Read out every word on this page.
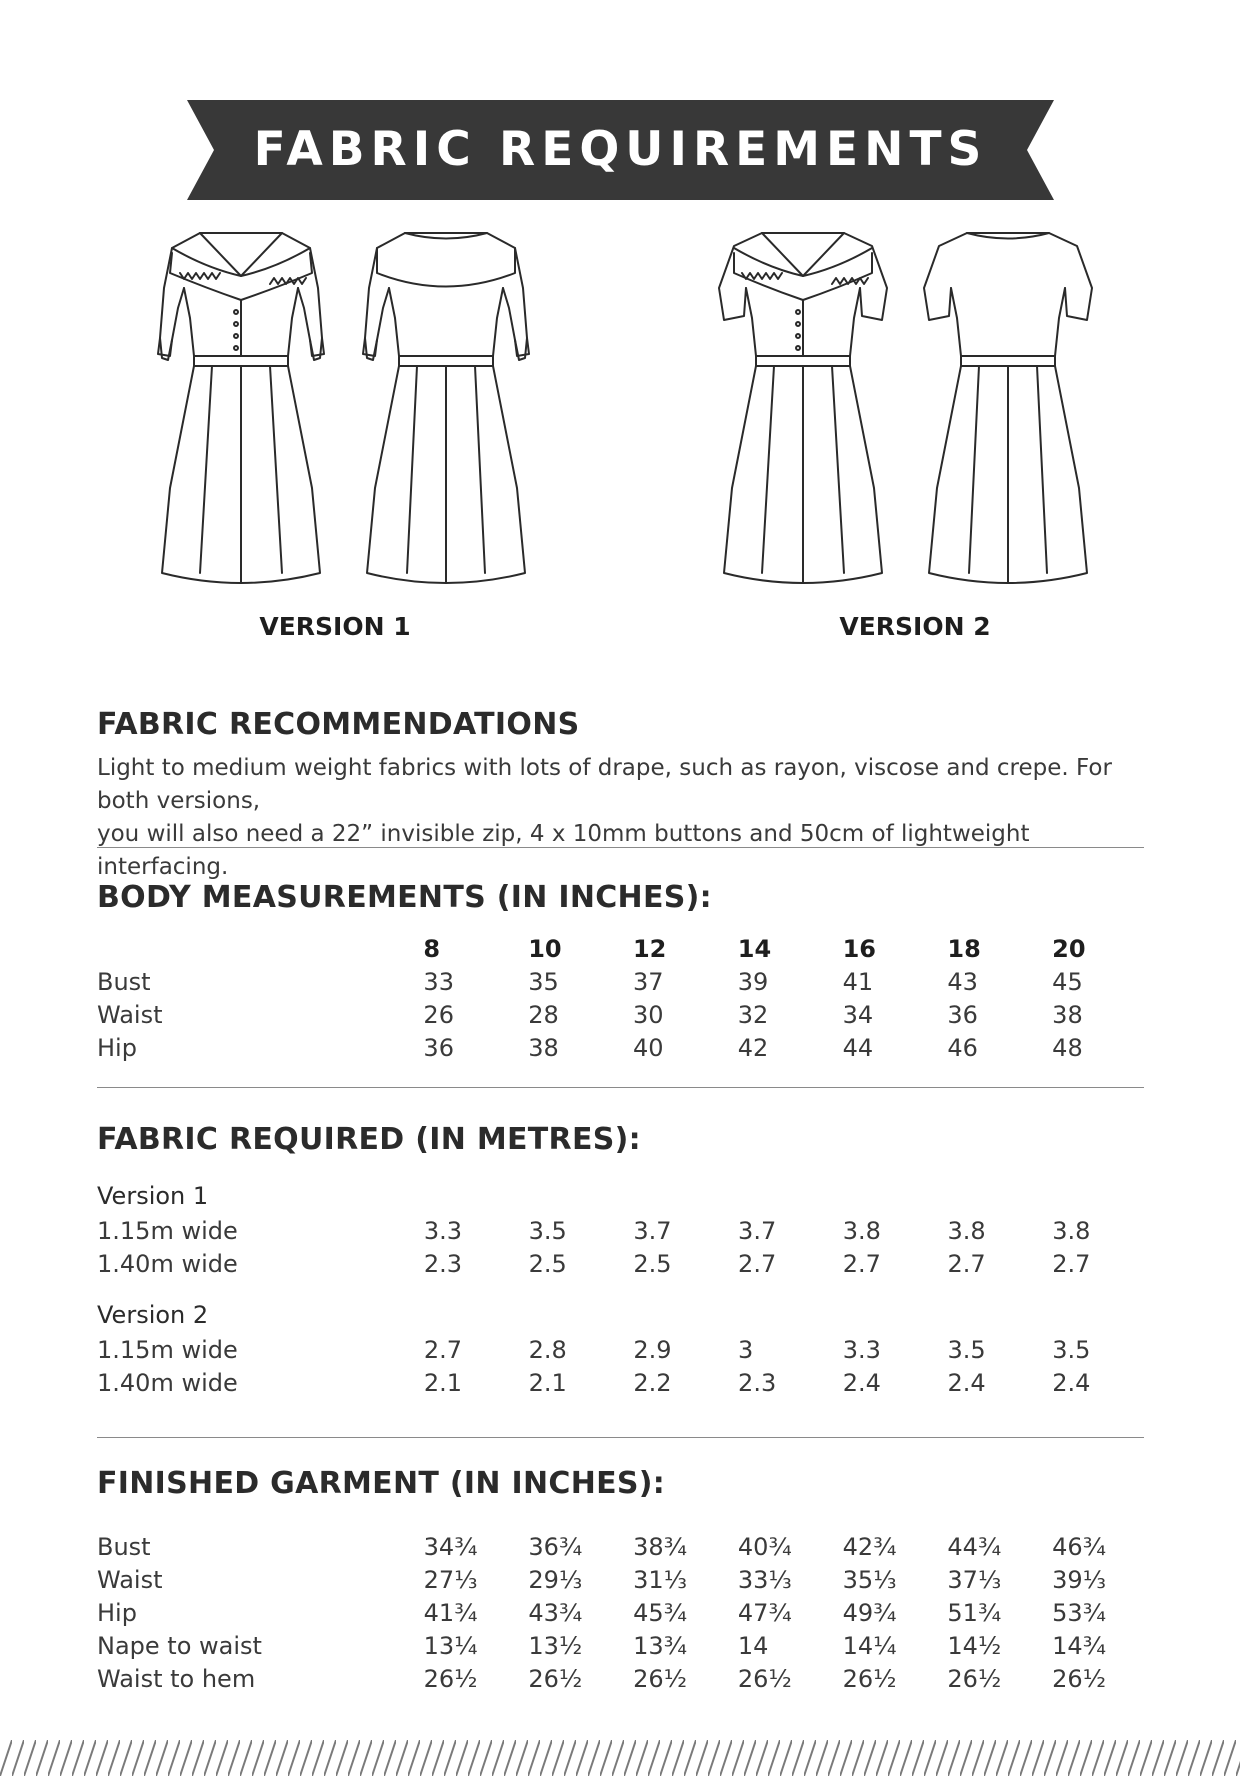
FABRIC REQUIREMENTS
VERSION 1	VERSION 2
FABRIC RECOMMENDATIONS

Light to medium weight fabrics with lots of drape, such as rayon, viscose and crepe. For both versions,

you will also need a 22” invisible zip, 4 x 10mm buttons and 50cm of lightweight interfacing.

BODY MEASUREMENTS (IN INCHES):
	8	10	12	14	16	18	20
Bust	33	35	37	39	41	43	45
Waist	26	28	30	32	34	36	38
Hip	36	38	40	42	44	46	48
FABRIC REQUIRED (IN METRES):
Version 1							
1.15m wide	3.3	3.5	3.7	3.7	3.8	3.8	3.8
1.40m wide	2.3	2.5	2.5	2.7	2.7	2.7	2.7

Version 2							
1.15m wide	2.7	2.8	2.9	3	3.3	3.5	3.5
1.40m wide	2.1	2.1	2.2	2.3	2.4	2.4	2.4
FINISHED GARMENT (IN INCHES):
Bust	34¾	36¾	38¾	40¾	42¾	44¾	46¾
Waist	27⅓	29⅓	31⅓	33⅓	35⅓	37⅓	39⅓
Hip	41¾	43¾	45¾	47¾	49¾	51¾	53¾
Nape to waist	13¼	13½	13¾	14	14¼	14½	14¾
Waist to hem	26½	26½	26½	26½	26½	26½	26½
